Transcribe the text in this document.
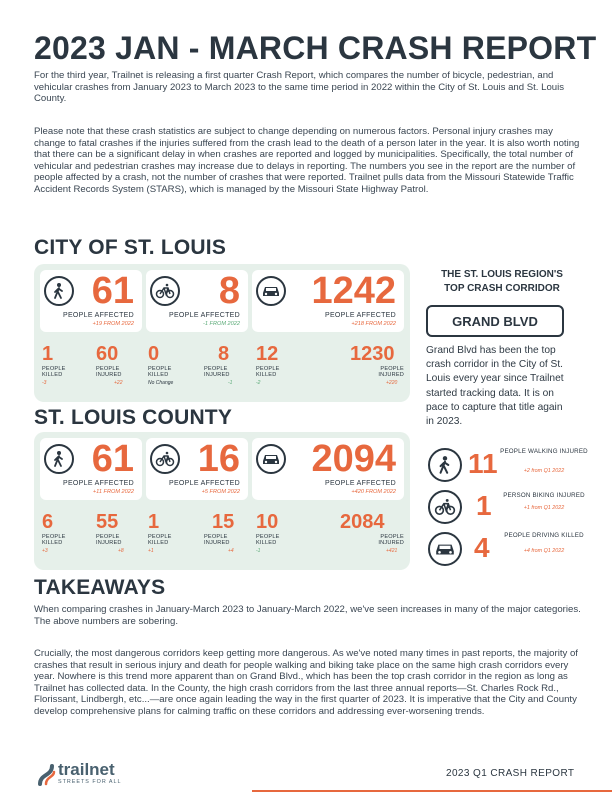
2023 JAN - MARCH CRASH REPORT
For the third year, Trailnet is releasing a first quarter Crash Report, which compares the number of bicycle, pedestrian, and vehicular crashes from January 2023 to March 2023 to the same time period in 2022 within the City of St. Louis and St. Louis County.
Please note that these crash statistics are subject to change depending on numerous factors. Personal injury crashes may change to fatal crashes if the injuries suffered from the crash lead to the death of a person later in the year. It is also worth noting that there can be a significant delay in when crashes are reported and logged by municipalities. Specifically, the total number of vehicular and pedestrian crashes may increase due to delays in reporting. The numbers you see in the report are the number of people affected by a crash, not the number of crashes that were reported. Trailnet pulls data from the Missouri Statewide Traffic Accident Records System (STARS), which is managed by the Missouri State Highway Patrol.
CITY OF ST. LOUIS
61
PEOPLE AFFECTED
+19 FROM 2022
1
PEOPLE KILLED
-3
60
PEOPLE INJURED
+22
8
PEOPLE AFFECTED
-1 FROM 2022
0
PEOPLE KILLED
No Change
8
PEOPLE INJURED
-1
1242
PEOPLE AFFECTED
+218 FROM 2022
12
PEOPLE KILLED
-2
1230
PEOPLE INJURED
+220
ST. LOUIS COUNTY
61
PEOPLE AFFECTED
+11 FROM 2022
6
PEOPLE KILLED
+3
55
PEOPLE INJURED
+8
16
PEOPLE AFFECTED
+5 FROM 2022
1
PEOPLE KILLED
+1
15
PEOPLE INJURED
+4
2094
PEOPLE AFFECTED
+420 FROM 2022
10
PEOPLE KILLED
-1
2084
PEOPLE INJURED
+421
THE ST. LOUIS REGION'S
TOP CRASH CORRIDOR
GRAND BLVD
Grand Blvd has been the top crash corridor in the City of St. Louis every year since Trailnet started tracking data. It is on pace to capture that title again in 2023.
11 PEOPLE WALKING INJURED
+2 from Q1 2022
1	PERSON BIKING INJURED
+1 from Q1 2022
4	PEOPLE DRIVING KILLED
+4 from Q1 2022
TAKEAWAYS
When comparing crashes in January-March 2023 to January-March 2022, we've seen increases in many of the major categories. The above numbers are sobering.
Crucially, the most dangerous corridors keep getting more dangerous. As we've noted many times in past reports, the majority of crashes that result in serious injury and death for people walking and biking take place on the same high crash corridors every year. Nowhere is this trend more apparent than on Grand Blvd., which has been the top crash corridor in the region as long as Trailnet has collected data. In the County, the high crash corridors from the last three annual reports—St. Charles Rock Rd., Florissant, Lindbergh, etc...—are once again leading the way in the first quarter of 2023. It is imperative that the City and County develop comprehensive plans for calming traffic on these corridors and addressing ever-worsening trends.
trailnet
STREETS FOR ALL
2023 Q1 CRASH REPORT
